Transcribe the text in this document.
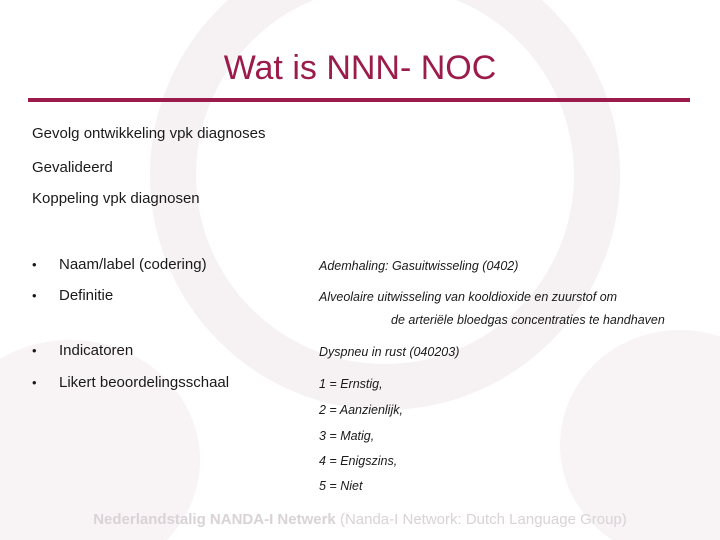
Wat is NNN- NOC
Gevolg ontwikkeling vpk diagnoses
Gevalideerd
Koppeling vpk diagnosen
• Naam/label (codering)
• Definitie
• Indicatoren
• Likert beoordelingsschaal
Ademhaling: Gasuitwisseling (0402)
Alveolaire uitwisseling van kooldioxide en zuurstof om
de arteriële bloedgas concentraties te handhaven
Dyspneu in rust (040203)
1 = Ernstig,
2 = Aanzienlijk,
3 = Matig,
4 = Enigszins,
5 = Niet
Nederlandstalig NANDA-I Netwerk (Nanda-I Network: Dutch Language Group)
